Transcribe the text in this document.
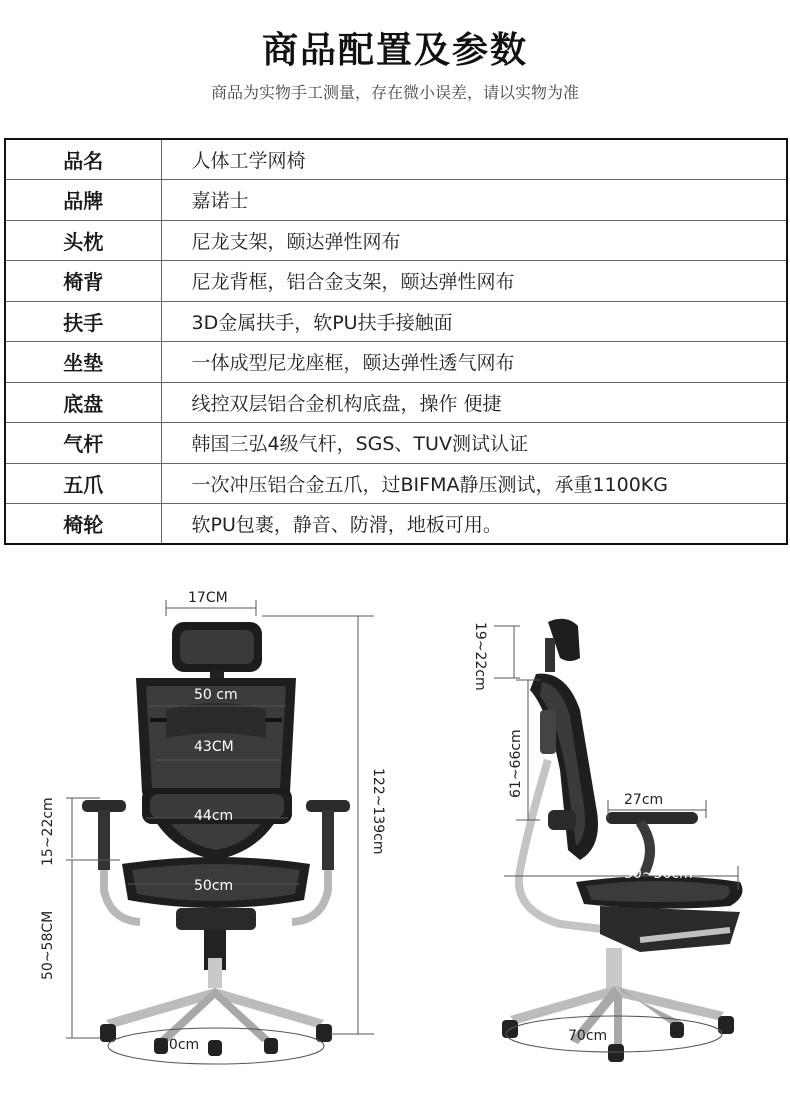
商品配置及参数
商品为实物手工测量，存在微小误差，请以实物为准
品名	人体工学网椅
品牌	嘉诺士
头枕	尼龙支架，颐达弹性网布
椅背	尼龙背框，铝合金支架，颐达弹性网布
扶手	3D金属扶手，软PU扶手接触面
坐垫	一体成型尼龙座框，颐达弹性透气网布
底盘	线控双层铝合金机构底盘，操作 便捷
气杆	韩国三弘4级气杆，SGS、TUV测试认证
五爪	一次冲压铝合金五爪，过BIFMA静压测试，承重1100KG
椅轮	软PU包裹，静音、防滑，地板可用。
17CM
50 cm
43CM
44cm
50cm
70cm
15~22cm
50~58CM
122~139cm
19~22cm
61~66cm
27cm
50~56cm
70cm
